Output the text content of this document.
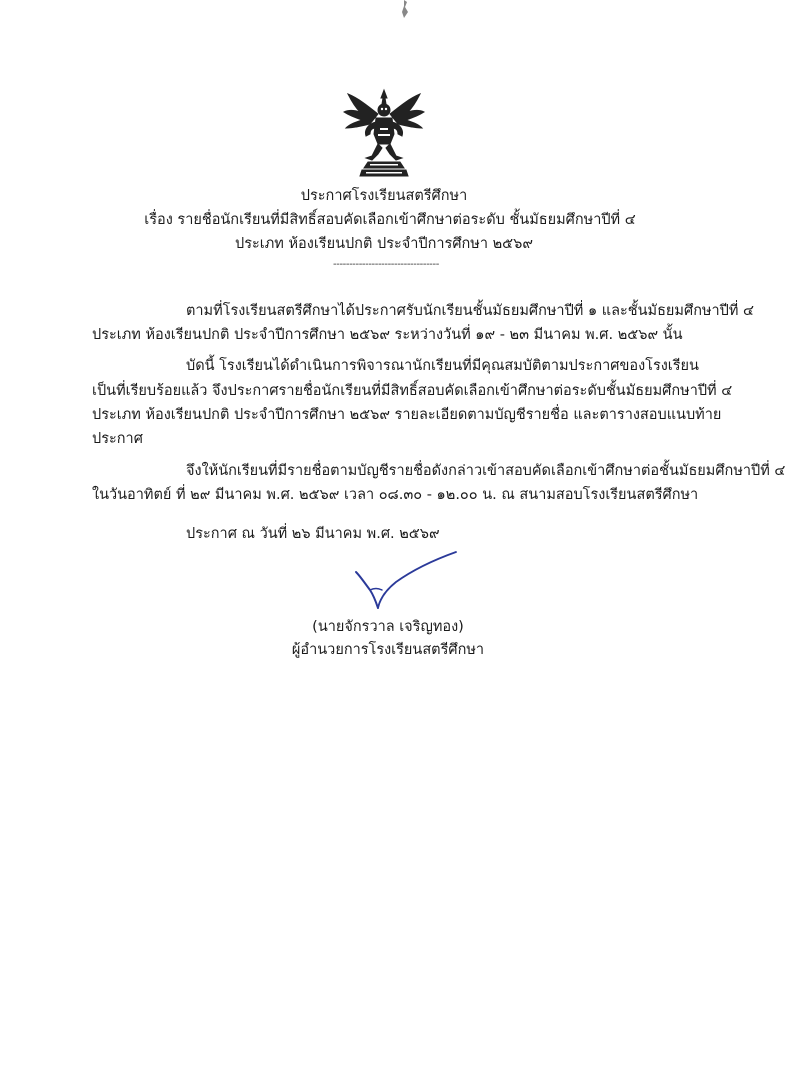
ประกาศโรงเรียนสตรีศึกษา
เรื่อง รายชื่อนักเรียนที่มีสิทธิ์สอบคัดเลือกเข้าศึกษาต่อระดับ ชั้นมัธยมศึกษาปีที่ ๔
ประเภท ห้องเรียนปกติ ประจำปีการศึกษา ๒๕๖๙
---------------------------------
ตามที่โรงเรียนสตรีศึกษาได้ประกาศรับนักเรียนชั้นมัธยมศึกษาปีที่ ๑ และชั้นมัธยมศึกษาปีที่ ๔
ประเภท ห้องเรียนปกติ ประจำปีการศึกษา ๒๕๖๙ ระหว่างวันที่ ๑๙ - ๒๓ มีนาคม พ.ศ. ๒๕๖๙ นั้น
บัดนี้ โรงเรียนได้ดำเนินการพิจารณานักเรียนที่มีคุณสมบัติตามประกาศของโรงเรียน
เป็นที่เรียบร้อยแล้ว จึงประกาศรายชื่อนักเรียนที่มีสิทธิ์สอบคัดเลือกเข้าศึกษาต่อระดับชั้นมัธยมศึกษาปีที่ ๔
ประเภท ห้องเรียนปกติ ประจำปีการศึกษา ๒๕๖๙ รายละเอียดตามบัญชีรายชื่อ และตารางสอบแนบท้าย
ประกาศ
จึงให้นักเรียนที่มีรายชื่อตามบัญชีรายชื่อดังกล่าวเข้าสอบคัดเลือกเข้าศึกษาต่อชั้นมัธยมศึกษาปีที่ ๔
ในวันอาทิตย์ ที่ ๒๙ มีนาคม พ.ศ. ๒๕๖๙ เวลา ๐๘.๓๐ - ๑๒.๐๐ น. ณ สนามสอบโรงเรียนสตรีศึกษา
ประกาศ ณ วันที่ ๒๖ มีนาคม พ.ศ. ๒๕๖๙
(นายจักรวาล เจริญทอง)
ผู้อำนวยการโรงเรียนสตรีศึกษา
